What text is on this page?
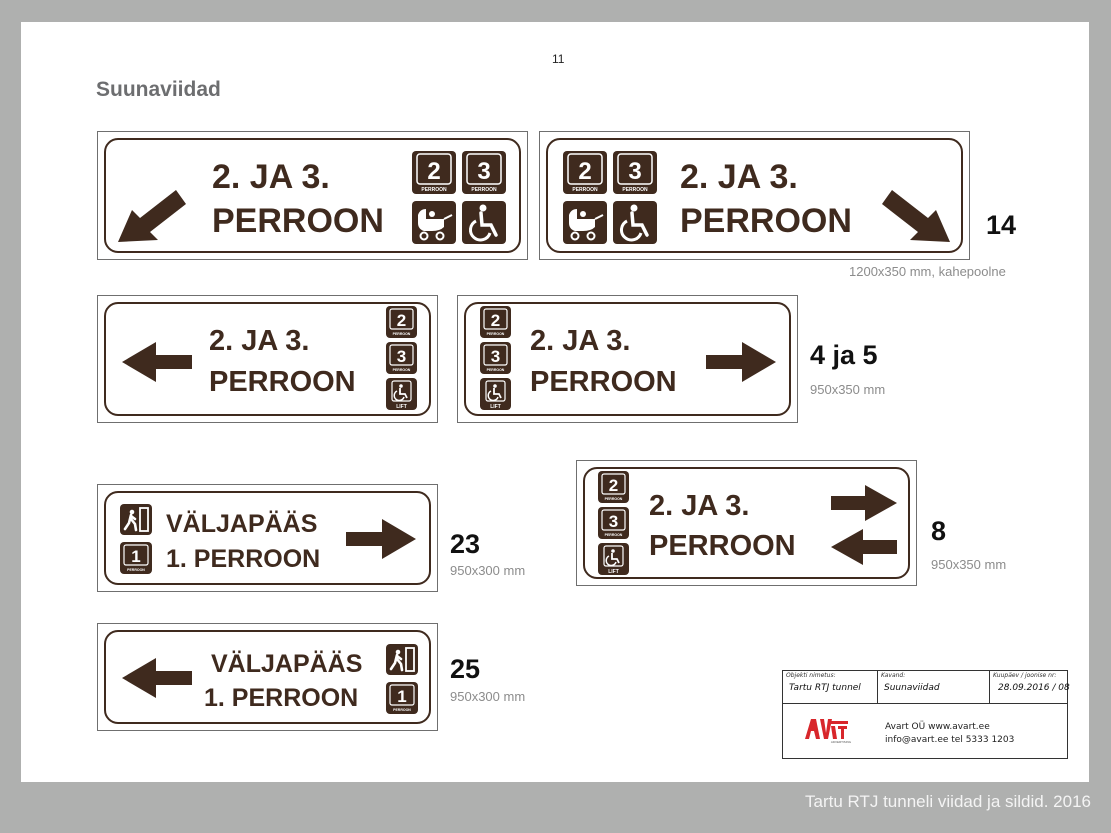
11
Suunaviidad
2. JA 3.
PERROON
2
PERROON
3
PERROON
2
PERROON
3
PERROON 2. JA 3.
PERROON	14
1200x350 mm, kahepoolne
2. JA 3.
PERROON
2
PERROON
3
PERROON
LIFT
2
PERROON
3
PERROON
LIFT
2. JA 3.
PERROON
4 ja 5
950x350 mm
1
PERROON
VÄLJAPÄÄS
1. PERROON	23
950x300 mm
2
PERROON
3
PERROON
LIFT
2. JA 3.
PERROON	8
950x350 mm
VÄLJAPÄÄS
1. PERROON 1
PERROON
25
950x300 mm
Objekti nimetus:
Tartu RTJ tunnel
Kavand:
Suunaviidad
Kuupäev / joonise nr:
28.09.2016 / 08
ADVERTISING
Avart OÜ www.avart.ee
info@avart.ee tel 5333 1203
Tartu RTJ tunneli viidad ja sildid. 2016
